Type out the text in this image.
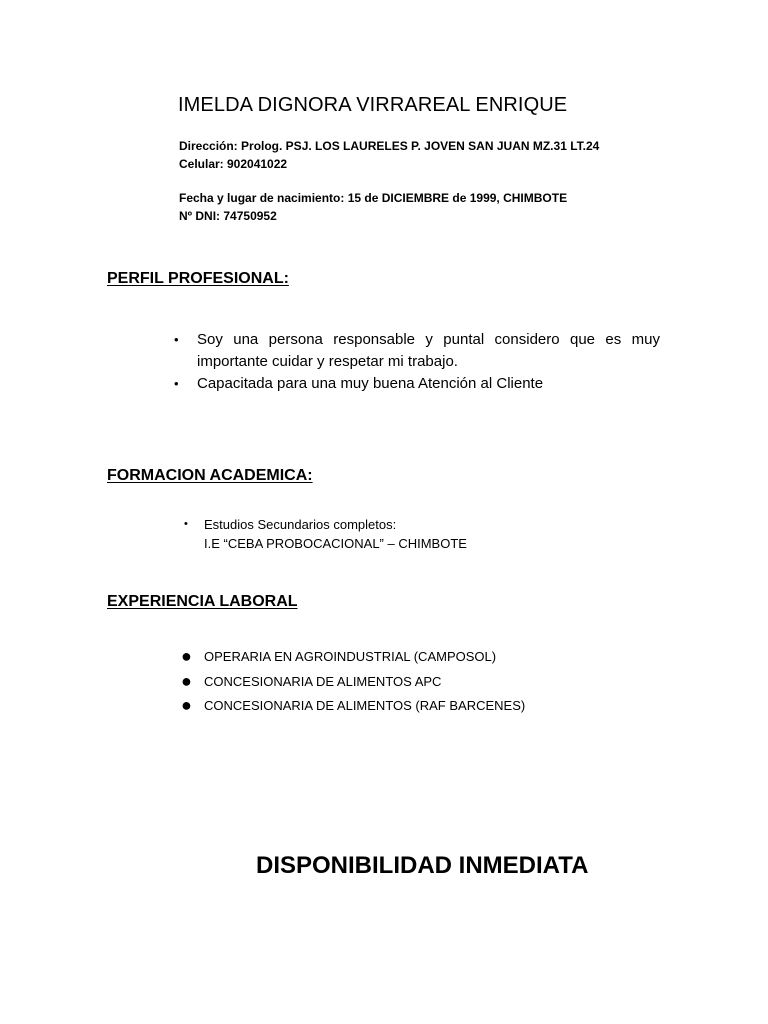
IMELDA DIGNORA VIRRAREAL ENRIQUE
Dirección: Prolog. PSJ. LOS LAURELES P. JOVEN SAN JUAN MZ.31 LT.24
Celular: 902041022
Fecha y lugar de nacimiento: 15 de DICIEMBRE de 1999, CHIMBOTE
Nº DNI: 74750952
PERFIL PROFESIONAL:
• Soy una persona responsable y puntal considero que es muy importante cuidar y respetar mi trabajo.
• Capacitada para una muy buena Atención al Cliente
FORMACION ACADEMICA:
• Estudios Secundarios completos:
I.E “CEBA PROBOCACIONAL” – CHIMBOTE
EXPERIENCIA LABORAL
● OPERARIA EN AGROINDUSTRIAL (CAMPOSOL)
● CONCESIONARIA DE ALIMENTOS APC
● CONCESIONARIA DE ALIMENTOS (RAF BARCENES)
DISPONIBILIDAD INMEDIATA
